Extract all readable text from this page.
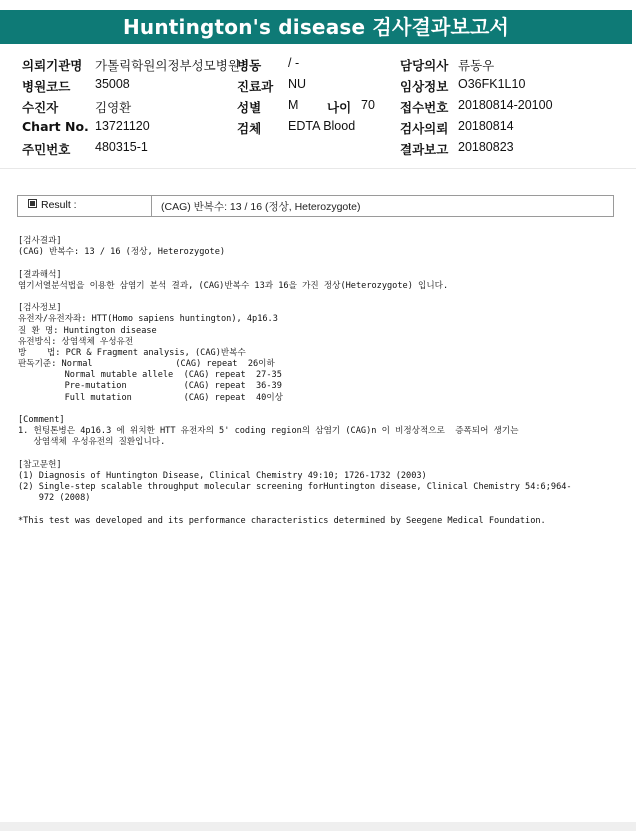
Huntington's disease 검사결과보고서
의뢰기관명 가톨릭학원의정부성모병원
병동 / -	담당의사 류동우
병원코드 35008	진료과 NU	임상정보 O36FK1L10
수진자	김영환	성별 M 나이 70 접수번호 20180814-20100
Chart No. 13721120	검체 EDTA Blood	검사의뢰 20180814
주민번호 480315-1	결과보고 20180823
Result :	(CAG) 반복수: 13 / 16 (정상, Heterozygote)
[검사결과]
(CAG) 반복수: 13 / 16 (정상, Heterozygote)
[결과해석]
염기서열분석법을 이용한 삼염기 분석 결과, (CAG)반복수 13과 16을 가진 정상(Heterozygote) 입니다.
[검사정보]
유전자/유전자좌: HTT(Homo sapiens huntington), 4p16.3
질 환 명: Huntington disease
유전방식: 상염색체 우성유전
방    법: PCR & Fragment analysis, (CAG)반복수
판독기준: Normal                (CAG) repeat  26이하
Normal mutable allele  (CAG) repeat  27-35
Pre-mutation           (CAG) repeat  36-39
Full mutation          (CAG) repeat  40이상
[Comment]
1. 헌팅톤병은 4p16.3 에 위치한 HTT 유전자의 5' coding region의 삼염기 (CAG)n 이 비정상적으로  증폭되어 생기는
상염색체 우성유전의 질환입니다.
[참고문헌]
(1) Diagnosis of Huntington Disease, Clinical Chemistry 49:10; 1726-1732 (2003)
(2) Single-step scalable throughput molecular screening forHuntington disease, Clinical Chemistry 54:6;964-
972 (2008)
*This test was developed and its performance characteristics determined by Seegene Medical Foundation.
